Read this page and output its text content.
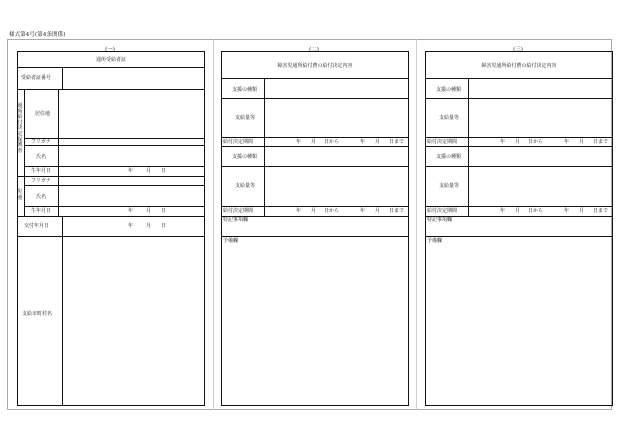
様式第4号(第4条関係)
(一)
通所受給者証
受給者証番号
通所給付決定保護者
居住地
フリガナ
氏名
生年月日	年	月 日
児童
フリガナ
氏名
生年月日	年	月 日
交付年月日	年	月 日
支給市町村名
(二)
障害児通所給付費の給付決定内容
支援の種類
支給量等
給付決定期間	年 月 日から	年 月 日まで
支援の種類
支給量等
給付決定期間	年 月 日から	年 月 日まで
特記事項欄
予備欄
(三)
障害児通所給付費の給付決定内容
支援の種類
支給量等
給付決定期間	年 月 日から	年 月 日まで
支援の種類
支給量等
給付決定期間	年 月 日から	年 月 日まで
特記事項欄
予備欄
